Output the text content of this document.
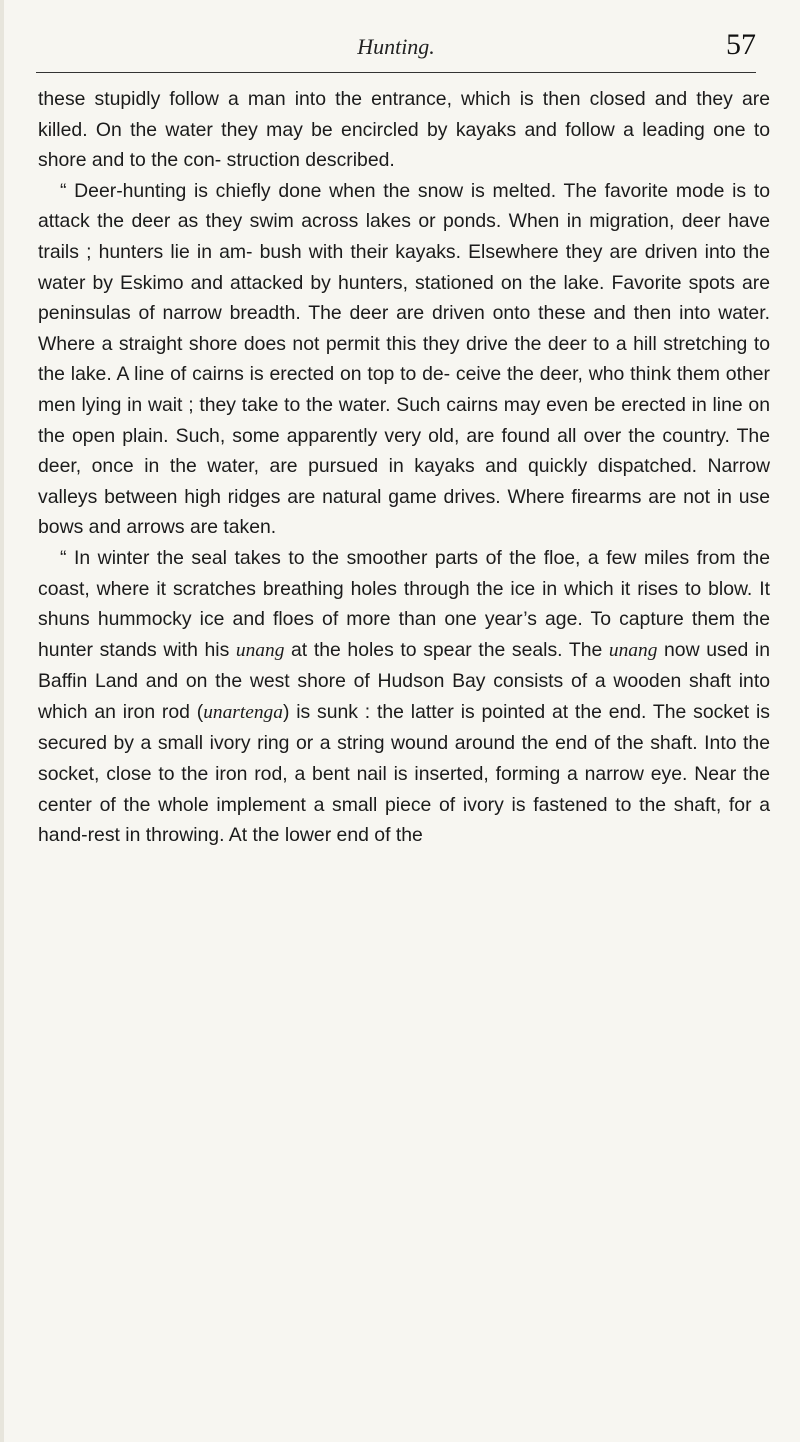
Hunting.	57

these stupidly follow a man into the entrance, which is then closed and they are killed. On the water they may be encircled by kayaks and follow a leading one to shore and to the con- struction described.

“ Deer-hunting is chiefly done when the snow is melted. The favorite mode is to attack the deer as they swim across lakes or ponds. When in migration, deer have trails ; hunters lie in am- bush with their kayaks. Elsewhere they are driven into the water by Eskimo and attacked by hunters, stationed on the lake. Favorite spots are peninsulas of narrow breadth. The deer are driven onto these and then into water. Where a straight shore does not permit this they drive the deer to a hill stretching to the lake. A line of cairns is erected on top to de- ceive the deer, who think them other men lying in wait ; they take to the water. Such cairns may even be erected in line on the open plain. Such, some apparently very old, are found all over the country. The deer, once in the water, are pursued in kayaks and quickly dispatched. Narrow valleys between high ridges are natural game drives. Where firearms are not in use bows and arrows are taken.

“ In winter the seal takes to the smoother parts of the floe, a few miles from the coast, where it scratches breathing holes through the ice in which it rises to blow. It shuns hummocky ice and floes of more than one year’s age. To capture them the hunter stands with his unang at the holes to spear the seals. The unang now used in Baffin Land and on the west shore of Hudson Bay consists of a wooden shaft into which an iron rod (unartenga) is sunk : the latter is pointed at the end. The socket is secured by a small ivory ring or a string wound around the end of the shaft. Into the socket, close to the iron rod, a bent nail is inserted, forming a narrow eye. Near the center of the whole implement a small piece of ivory is fastened to the shaft, for a hand-rest in throwing. At the lower end of the
